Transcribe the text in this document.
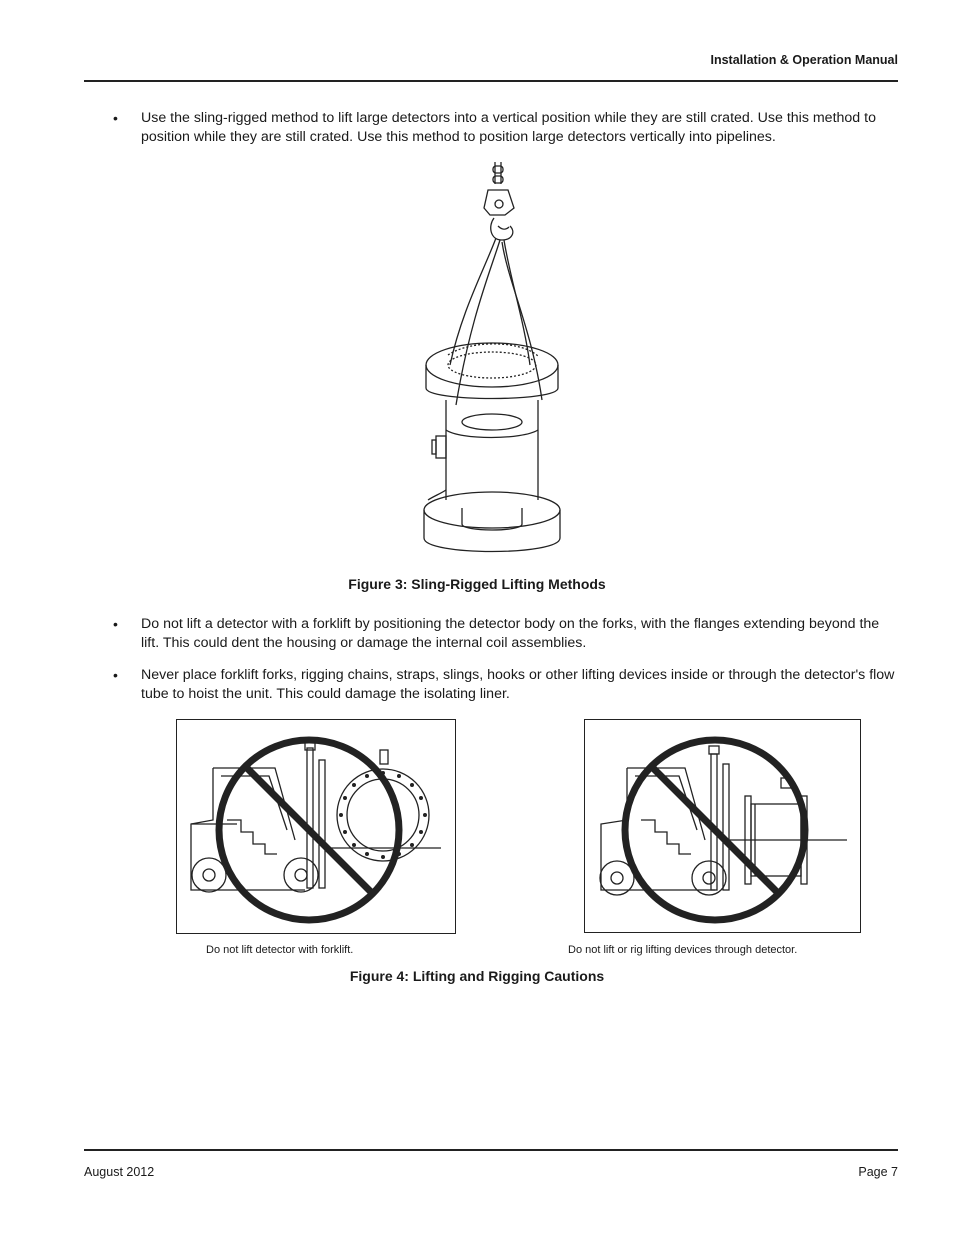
Installation & Operation Manual
• Use the sling-rigged method to lift large detectors into a vertical position while they are still crated. Use this method to position while they are still crated. Use this method to position large detectors vertically into pipelines.
Figure 3: Sling-Rigged Lifting Methods
• Do not lift a detector with a forklift by positioning the detector body on the forks, with the flanges extending beyond the lift. This could dent the housing or damage the internal coil assemblies.
• Never place forklift forks, rigging chains, straps, slings, hooks or other lifting devices inside or through the detector's flow tube to hoist the unit. This could damage the isolating liner.
Do not lift detector with forklift.	Do not lift or rig lifting devices through detector.
Figure 4: Lifting and Rigging Cautions
August 2012	Page 7
